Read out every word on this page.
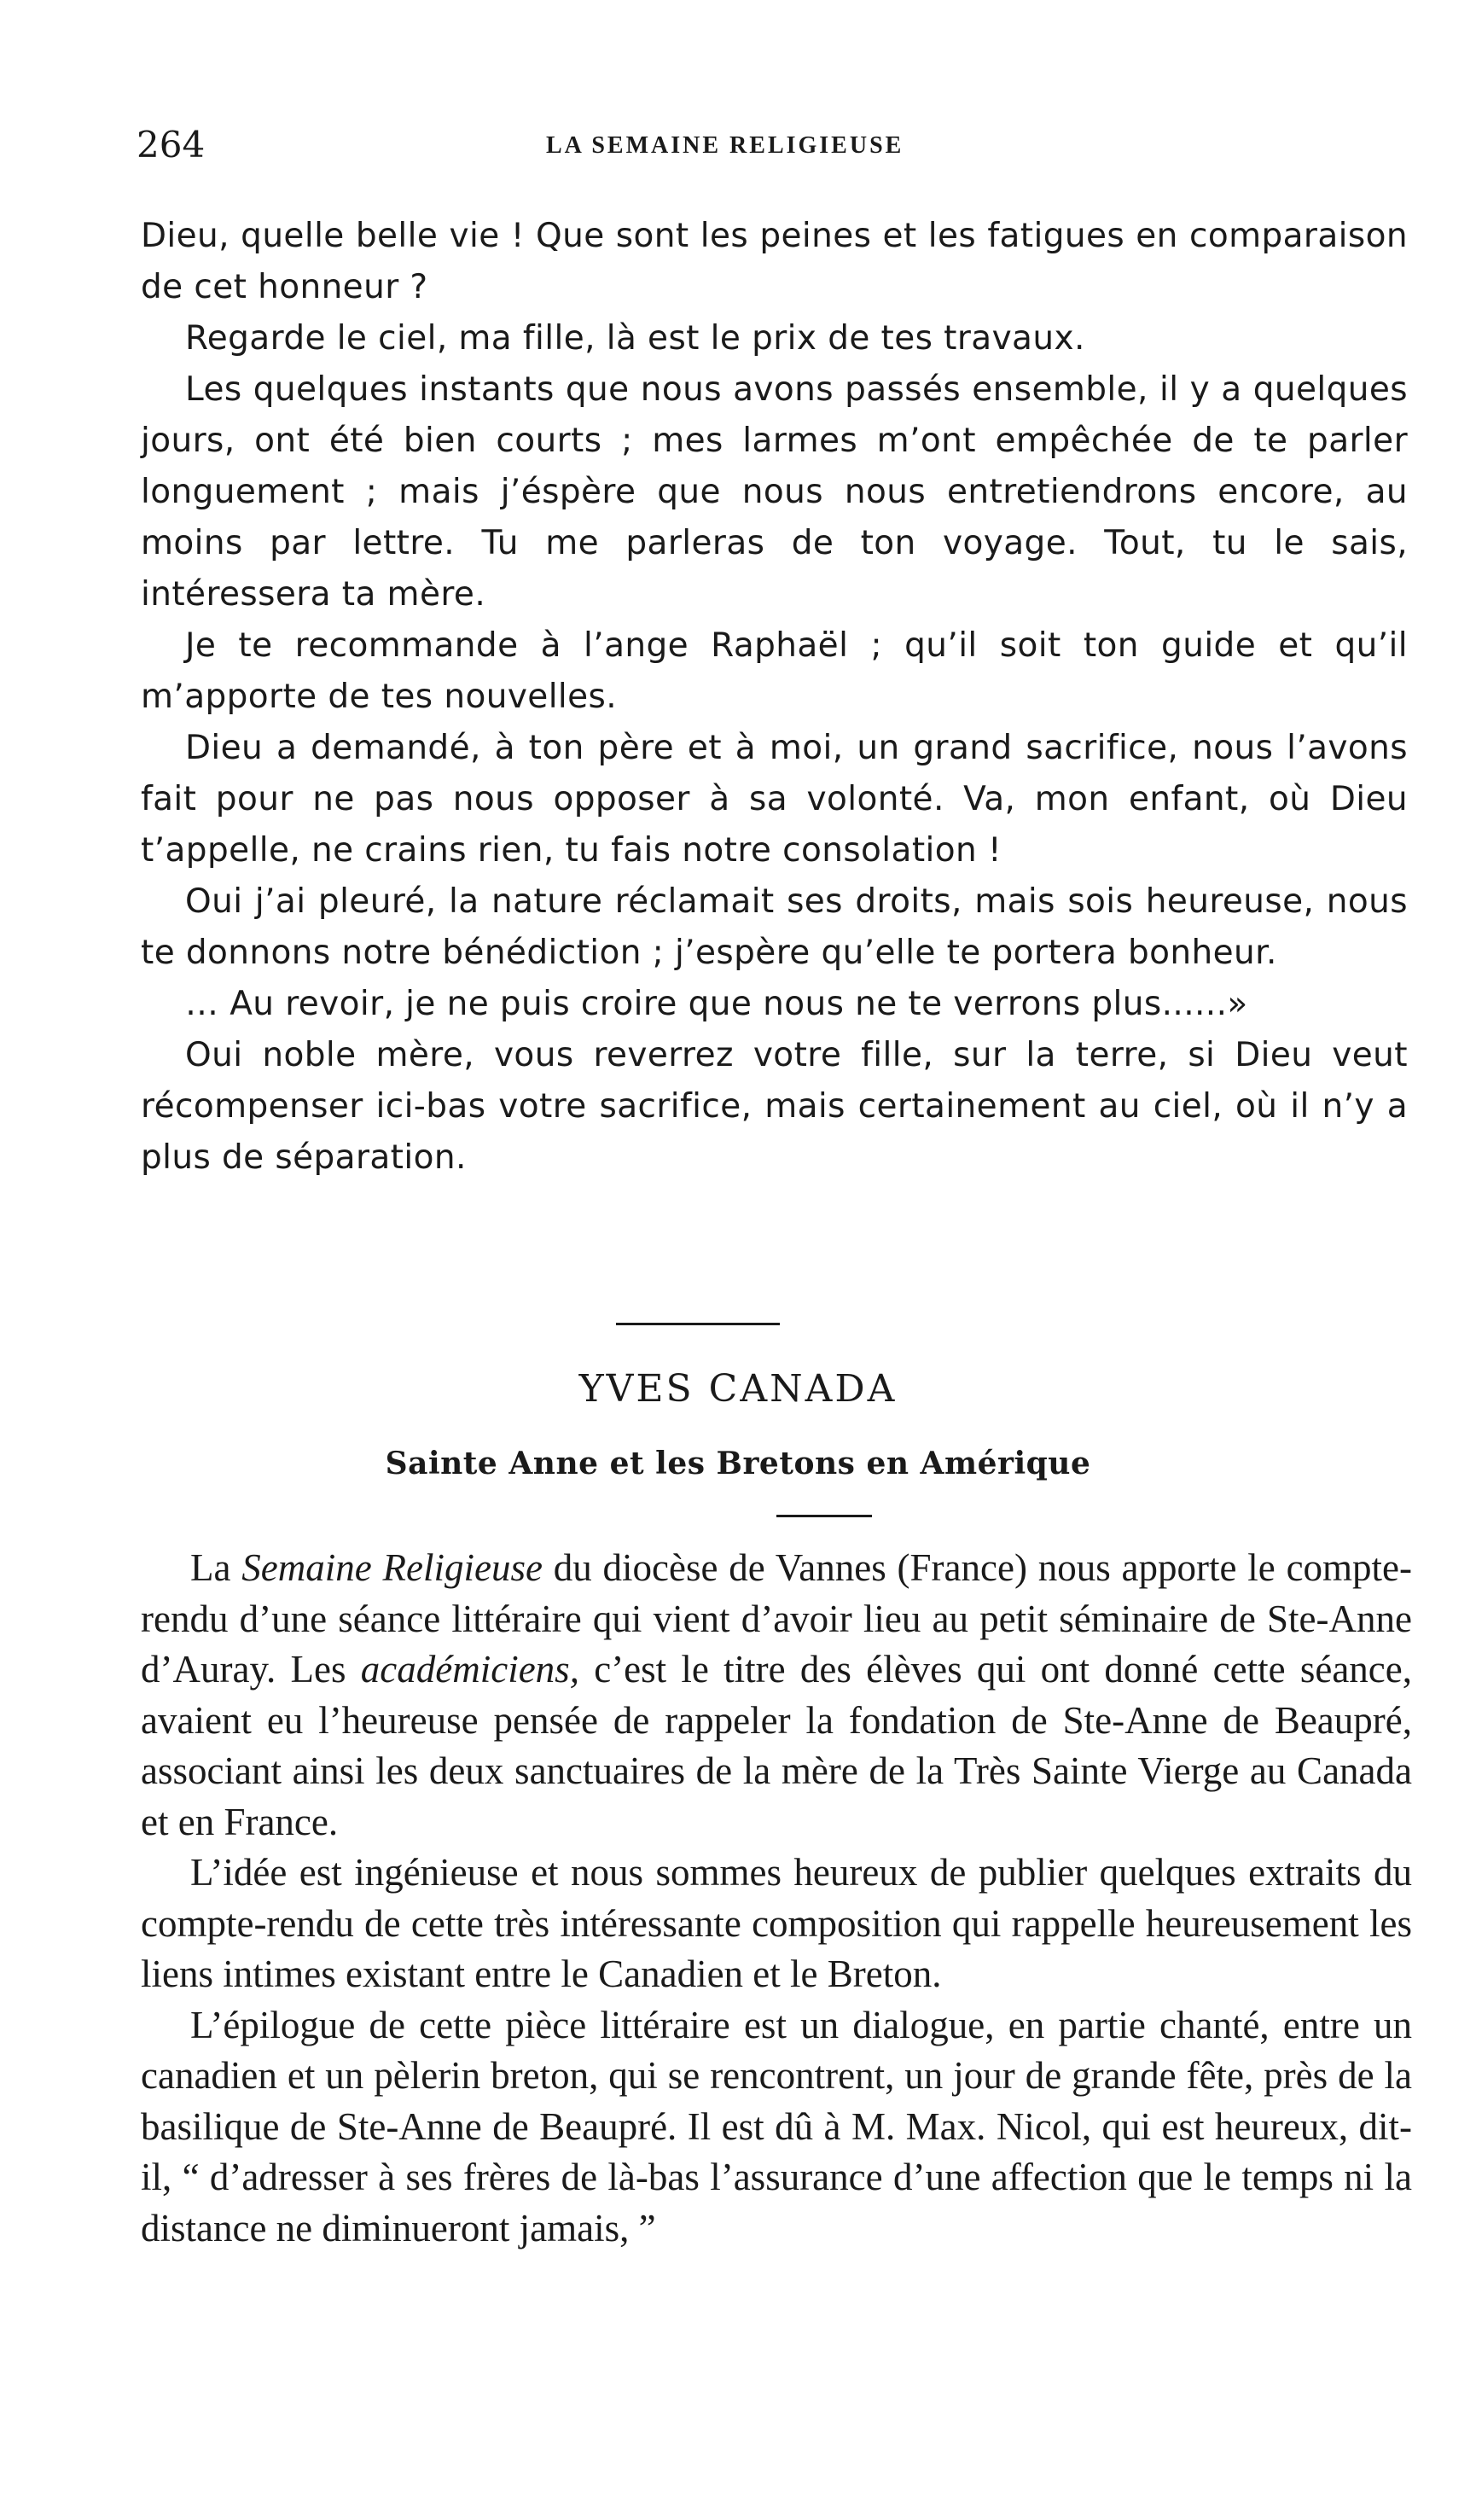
264	LA SEMAINE RELIGIEUSE

Dieu, quelle belle vie ! Que sont les peines et les fatigues en comparaison de cet honneur ?

Regarde le ciel, ma fille, là est le prix de tes travaux.

Les quelques instants que nous avons passés ensemble, il y a quelques jours, ont été bien courts ; mes larmes m’ont empêchée de te parler longuement ; mais j’éspère que nous nous entretiendrons encore, au moins par lettre. Tu me parleras de ton voyage. Tout, tu le sais, intéressera ta mère.

Je te recommande à l’ange Raphaël ; qu’il soit ton guide et qu’il m’apporte de tes nouvelles.

Dieu a demandé, à ton père et à moi, un grand sacrifice, nous l’avons fait pour ne pas nous opposer à sa volonté. Va, mon enfant, où Dieu t’appelle, ne crains rien, tu fais notre consolation !

Oui j’ai pleuré, la nature réclamait ses droits, mais sois heureuse, nous te donnons notre bénédiction ; j’espère qu’elle te portera bonheur.

… Au revoir, je ne puis croire que nous ne te verrons plus......»

Oui noble mère, vous reverrez votre fille, sur la terre, si Dieu veut récompenser ici-bas votre sacrifice, mais certainement au ciel, où il n’y a plus de séparation.

YVES CANADA
Sainte Anne et les Bretons en Amérique

La Semaine Religieuse du diocèse de Vannes (France) nous apporte le compte-rendu d’une séance littéraire qui vient d’avoir lieu au petit séminaire de Ste-Anne d’Auray. Les académiciens, c’est le titre des élèves qui ont donné cette séance, avaient eu l’heureuse pensée de rappeler la fondation de Ste-Anne de Beaupré, associant ainsi les deux sanctuaires de la mère de la Très Sainte Vierge au Canada et en France.

L’idée est ingénieuse et nous sommes heureux de publier quelques extraits du compte-rendu de cette très intéressante composition qui rappelle heureusement les liens intimes existant entre le Canadien et le Breton.

L’épilogue de cette pièce littéraire est un dialogue, en partie chanté, entre un canadien et un pèlerin breton, qui se rencontrent, un jour de grande fête, près de la basilique de Ste-Anne de Beaupré. Il est dû à M. Max. Nicol, qui est heureux, dit-il, “ d’adresser à ses frères de là-bas l’assurance d’une affection que le temps ni la distance ne diminueront jamais, ”
